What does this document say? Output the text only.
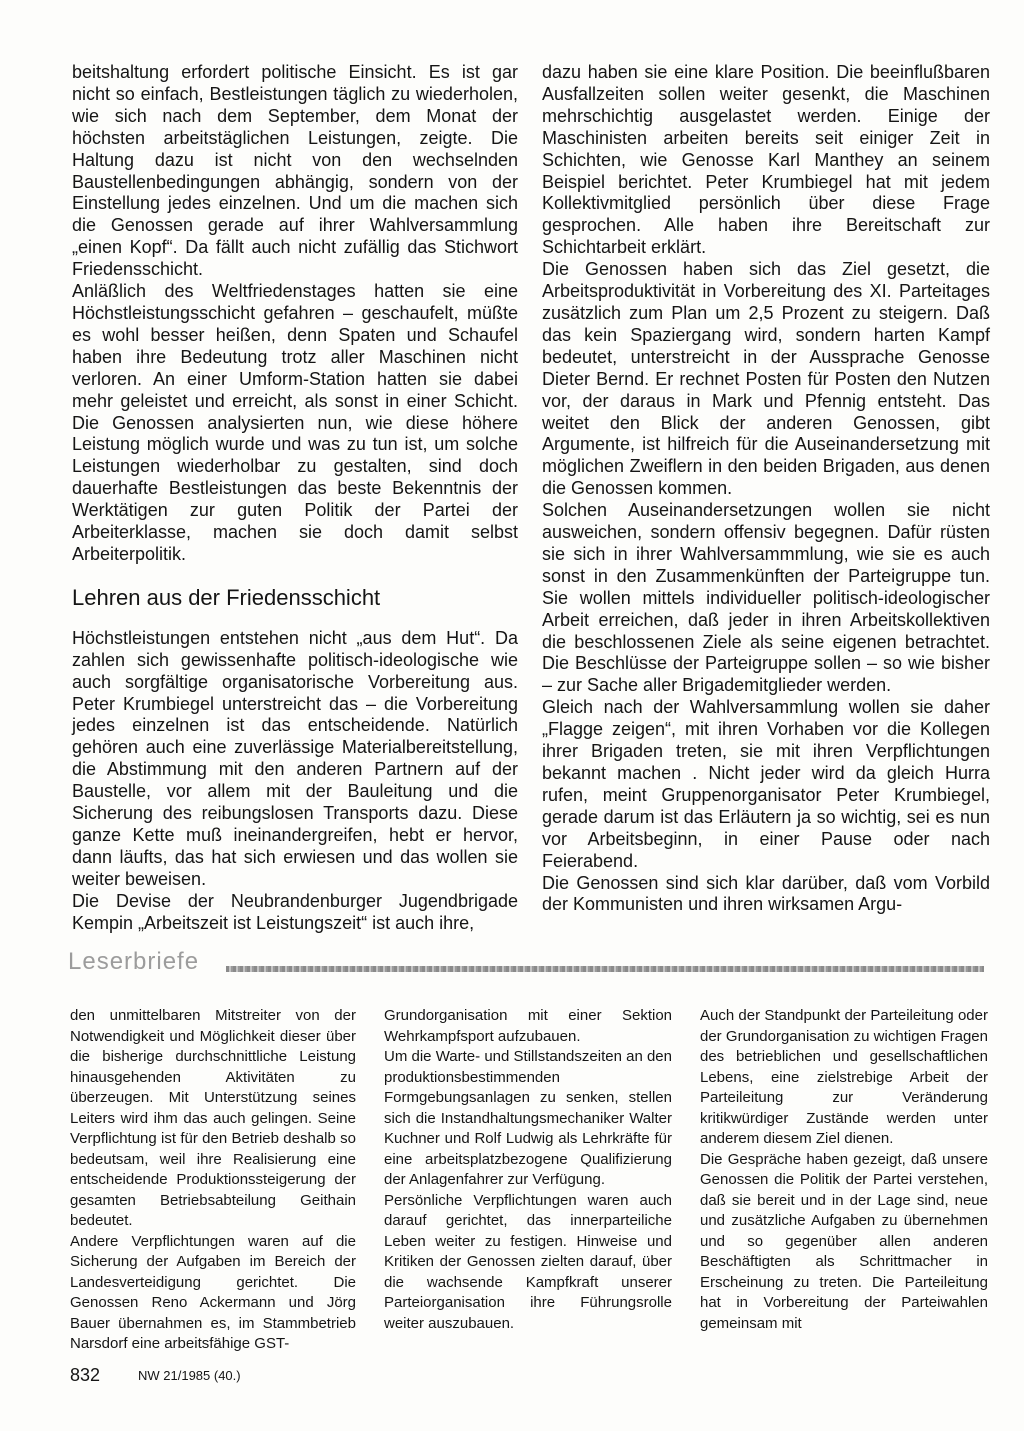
beitshaltung erfordert politische Einsicht. Es ist gar nicht so einfach, Bestleistungen täglich zu wiederholen, wie sich nach dem September, dem Monat der höchsten arbeitstäglichen Leistungen, zeigte. Die Haltung dazu ist nicht von den wechselnden Baustellenbedingungen abhängig, sondern von der Einstellung jedes einzelnen. Und um die machen sich die Genossen gerade auf ihrer Wahlversammlung „einen Kopf“. Da fällt auch nicht zufällig das Stichwort Friedensschicht.

Anläßlich des Weltfriedenstages hatten sie eine Höchstleistungsschicht gefahren – geschaufelt, müßte es wohl besser heißen, denn Spaten und Schaufel haben ihre Bedeutung trotz aller Maschinen nicht verloren. An einer Umform-Station hatten sie dabei mehr geleistet und erreicht, als sonst in einer Schicht. Die Genossen analysierten nun, wie diese höhere Leistung möglich wurde und was zu tun ist, um solche Leistungen wiederholbar zu gestalten, sind doch dauerhafte Bestleistungen das beste Bekenntnis der Werktätigen zur guten Politik der Partei der Arbeiterklasse, machen sie doch damit selbst Arbeiterpolitik.

Lehren aus der Friedensschicht

Höchstleistungen entstehen nicht „aus dem Hut“. Da zahlen sich gewissenhafte politisch-ideologische wie auch sorgfältige organisatorische Vorbereitung aus. Peter Krumbiegel unterstreicht das – die Vorbereitung jedes einzelnen ist das entscheidende. Natürlich gehören auch eine zuverlässige Materialbereitstellung, die Abstimmung mit den anderen Partnern auf der Baustelle, vor allem mit der Bauleitung und die Sicherung des reibungslosen Transports dazu. Diese ganze Kette muß ineinandergreifen, hebt er hervor, dann läufts, das hat sich erwiesen und das wollen sie weiter beweisen.

Die Devise der Neubrandenburger Jugendbrigade Kempin „Arbeitszeit ist Leistungszeit“ ist auch ihre,

dazu haben sie eine klare Position. Die beeinflußbaren Ausfallzeiten sollen weiter gesenkt, die Maschinen mehrschichtig ausgelastet werden. Einige der Maschinisten arbeiten bereits seit einiger Zeit in Schichten, wie Genosse Karl Manthey an seinem Beispiel berichtet. Peter Krumbiegel hat mit jedem Kollektivmitglied persönlich über diese Frage gesprochen. Alle haben ihre Bereitschaft zur Schichtarbeit erklärt.

Die Genossen haben sich das Ziel gesetzt, die Arbeitsproduktivität in Vorbereitung des XI. Parteitages zusätzlich zum Plan um 2,5 Prozent zu steigern. Daß das kein Spaziergang wird, sondern harten Kampf bedeutet, unterstreicht in der Aussprache Genosse Dieter Bernd. Er rechnet Posten für Posten den Nutzen vor, der daraus in Mark und Pfennig entsteht. Das weitet den Blick der anderen Genossen, gibt Argumente, ist hilfreich für die Auseinandersetzung mit möglichen Zweiflern in den beiden Brigaden, aus denen die Genossen kommen.

Solchen Auseinandersetzungen wollen sie nicht ausweichen, sondern offensiv begegnen. Dafür rüsten sie sich in ihrer Wahlversammmlung, wie sie es auch sonst in den Zusammenkünften der Parteigruppe tun. Sie wollen mittels individueller politisch-ideologischer Arbeit erreichen, daß jeder in ihren Arbeitskollektiven die beschlossenen Ziele als seine eigenen betrachtet. Die Beschlüsse der Parteigruppe sollen – so wie bisher – zur Sache aller Brigademitglieder werden.

Gleich nach der Wahlversammlung wollen sie daher „Flagge zeigen“, mit ihren Vorhaben vor die Kollegen ihrer Brigaden treten, sie mit ihren Verpflichtungen bekannt machen . Nicht jeder wird da gleich Hurra rufen, meint Gruppenorganisator Peter Krumbiegel, gerade darum ist das Erläutern ja so wichtig, sei es nun vor Arbeitsbeginn, in einer Pause oder nach Feierabend.

Die Genossen sind sich klar darüber, daß vom Vorbild der Kommunisten und ihren wirksamen Argu-

Leserbriefe

den unmittelbaren Mitstreiter von der Notwendigkeit und Möglichkeit dieser über die bisherige durchschnittliche Leistung hinausgehenden Aktivitäten zu überzeugen. Mit Unterstützung seines Leiters wird ihm das auch gelingen. Seine Verpflichtung ist für den Betrieb deshalb so bedeutsam, weil ihre Realisierung eine entscheidende Produktionssteigerung der gesamten Betriebsabteilung Geithain bedeutet.

Andere Verpflichtungen waren auf die Sicherung der Aufgaben im Bereich der Landesverteidigung gerichtet. Die Genossen Reno Ackermann und Jörg Bauer übernahmen es, im Stammbetrieb Narsdorf eine arbeitsfähige GST-

Grundorganisation mit einer Sektion Wehrkampfsport aufzubauen.

Um die Warte- und Stillstandszeiten an den produktionsbestimmenden Formgebungsanlagen zu senken, stellen sich die Instandhaltungsmechaniker Walter Kuchner und Rolf Ludwig als Lehrkräfte für eine arbeitsplatzbezogene Qualifizierung der Anlagenfahrer zur Verfügung.

Persönliche Verpflichtungen waren auch darauf gerichtet, das innerparteiliche Leben weiter zu festigen. Hinweise und Kritiken der Genossen zielten darauf, über die wachsende Kampfkraft unserer Parteiorganisation ihre Führungsrolle weiter auszubauen.

Auch der Standpunkt der Parteileitung oder der Grundorganisation zu wichtigen Fragen des betrieblichen und gesellschaftlichen Lebens, eine zielstrebige Arbeit der Parteileitung zur Veränderung kritikwürdiger Zustände werden unter anderem diesem Ziel dienen.

Die Gespräche haben gezeigt, daß unsere Genossen die Politik der Partei verstehen, daß sie bereit und in der Lage sind, neue und zusätzliche Aufgaben zu übernehmen und so gegenüber allen anderen Beschäftigten als Schrittmacher in Erscheinung zu treten. Die Parteileitung hat in Vorbereitung der Parteiwahlen gemeinsam mit

832	NW 21/1985 (40.)
